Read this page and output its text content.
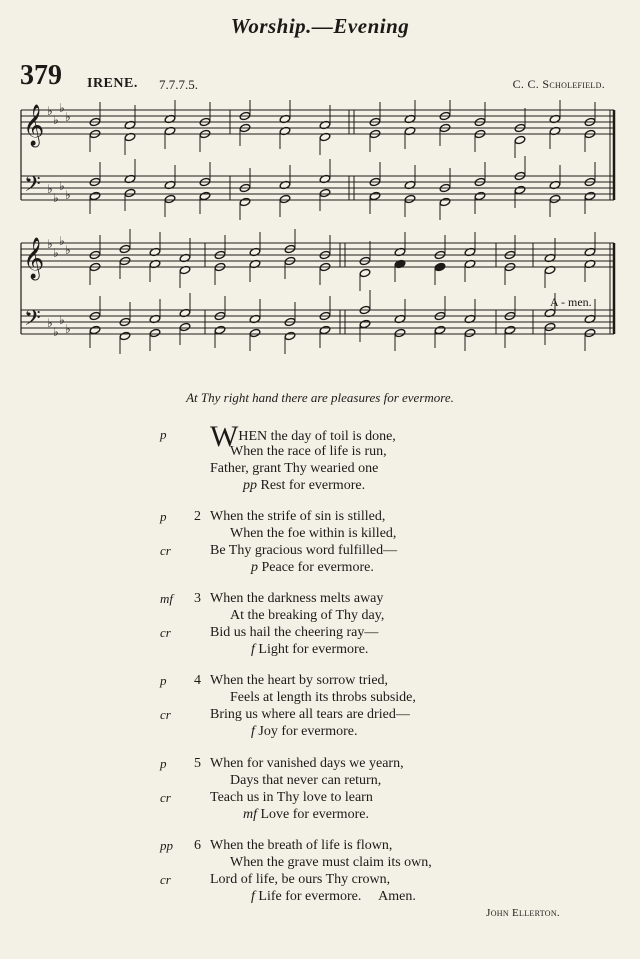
Worship.—Evening
379 IRENE. 7.7.7.5.	C. C. Scholefield.
𝄞
𝄢
♭
♭
♭
♭
♭
♭
♭
♭
𝄞
𝄢
♭
♭
♭
♭
♭
♭
♭
♭
A - men.
At Thy right hand there are pleasures for evermore.
p WHEN the day of toil is done,
When the race of life is run,
Father, grant Thy wearied one
pp Rest for evermore.
p 2 When the strife of sin is stilled,
When the foe within is killed,
cr	Be Thy gracious word fulfilled—
p Peace for evermore.
mf 3 When the darkness melts away
At the breaking of Thy day,
cr	Bid us hail the cheering ray—
f Light for evermore.
p 4 When the heart by sorrow tried,
Feels at length its throbs subside,
cr	Bring us where all tears are dried—
f Joy for evermore.
p 5 When for vanished days we yearn,
Days that never can return,
cr	Teach us in Thy love to learn
mf Love for evermore.
pp 6 When the breath of life is flown,
When the grave must claim its own,
cr	Lord of life, be ours Thy crown,
f Life for evermore.     Amen.
John Ellerton.
